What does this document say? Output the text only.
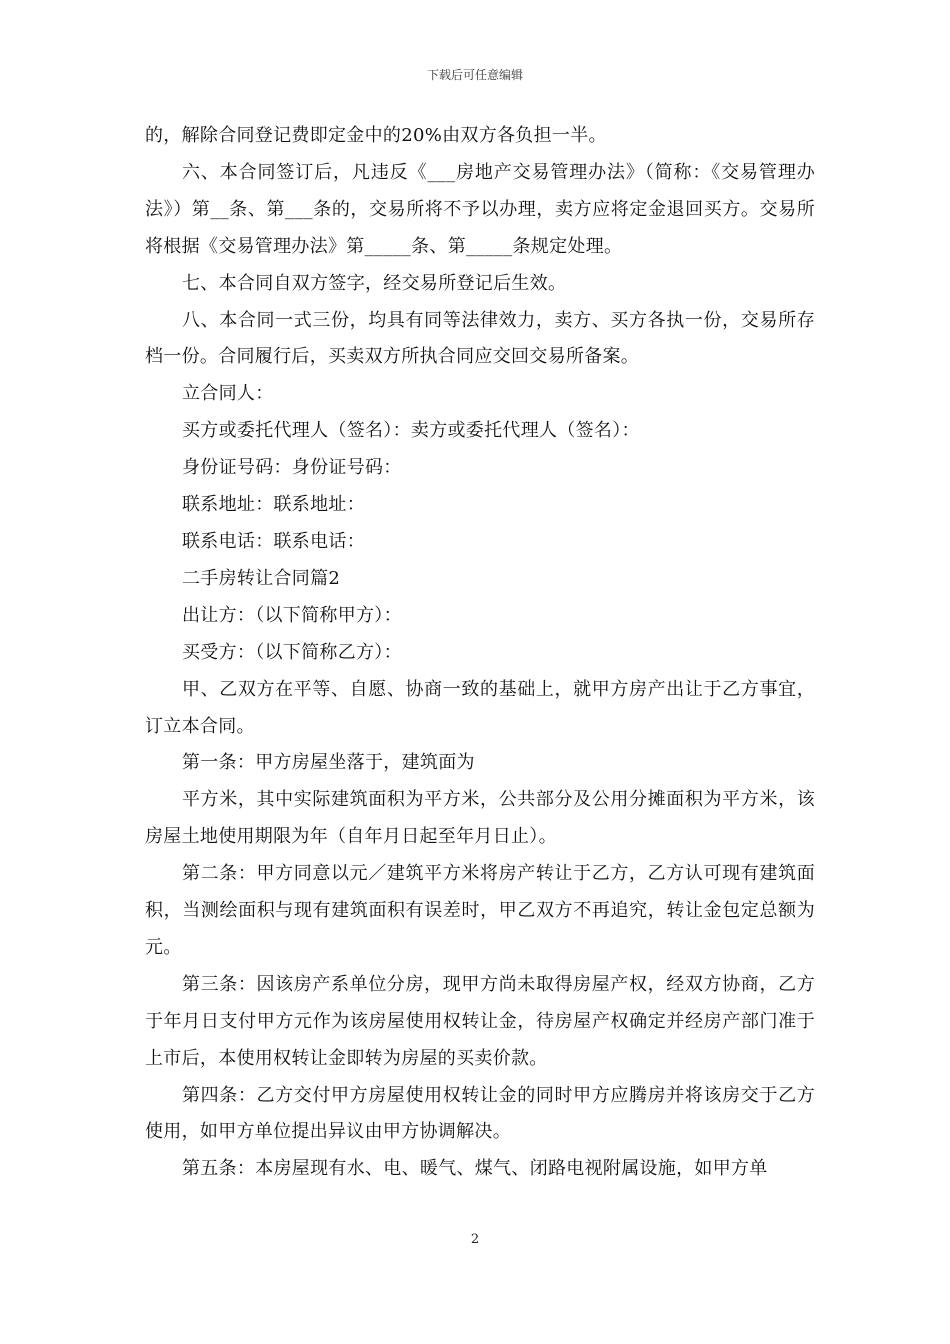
下载后可任意编辑

的，解除合同登记费即定金中的20%由双方各负担一半。

六、本合同签订后，凡违反《___房地产交易管理办法》（简称：《交易管理办法》）第__条、第___条的，交易所将不予以办理，卖方应将定金退回买方。交易所将根据《交易管理办法》第_____条、第_____条规定处理。

七、本合同自双方签字，经交易所登记后生效。

八、本合同一式三份，均具有同等法律效力，卖方、买方各执一份，交易所存档一份。合同履行后，买卖双方所执合同应交回交易所备案。

立合同人：

买方或委托代理人（签名）：卖方或委托代理人（签名）：

身份证号码：身份证号码：

联系地址：联系地址：

联系电话：联系电话：

二手房转让合同篇2

出让方：（以下简称甲方）：

买受方：（以下简称乙方）：

甲、乙双方在平等、自愿、协商一致的基础上，就甲方房产出让于乙方事宜，订立本合同。

第一条：甲方房屋坐落于，建筑面为

平方米，其中实际建筑面积为平方米，公共部分及公用分摊面积为平方米，该房屋土地使用期限为年（自年月日起至年月日止）。

第二条：甲方同意以元／建筑平方米将房产转让于乙方，乙方认可现有建筑面积，当测绘面积与现有建筑面积有误差时，甲乙双方不再追究，转让金包定总额为元。

第三条：因该房产系单位分房，现甲方尚未取得房屋产权，经双方协商，乙方于年月日支付甲方元作为该房屋使用权转让金，待房屋产权确定并经房产部门准于上市后，本使用权转让金即转为房屋的买卖价款。

第四条：乙方交付甲方房屋使用权转让金的同时甲方应腾房并将该房交于乙方使用，如甲方单位提出异议由甲方协调解决。

第五条：本房屋现有水、电、暖气、煤气、闭路电视附属设施，如甲方单

2
